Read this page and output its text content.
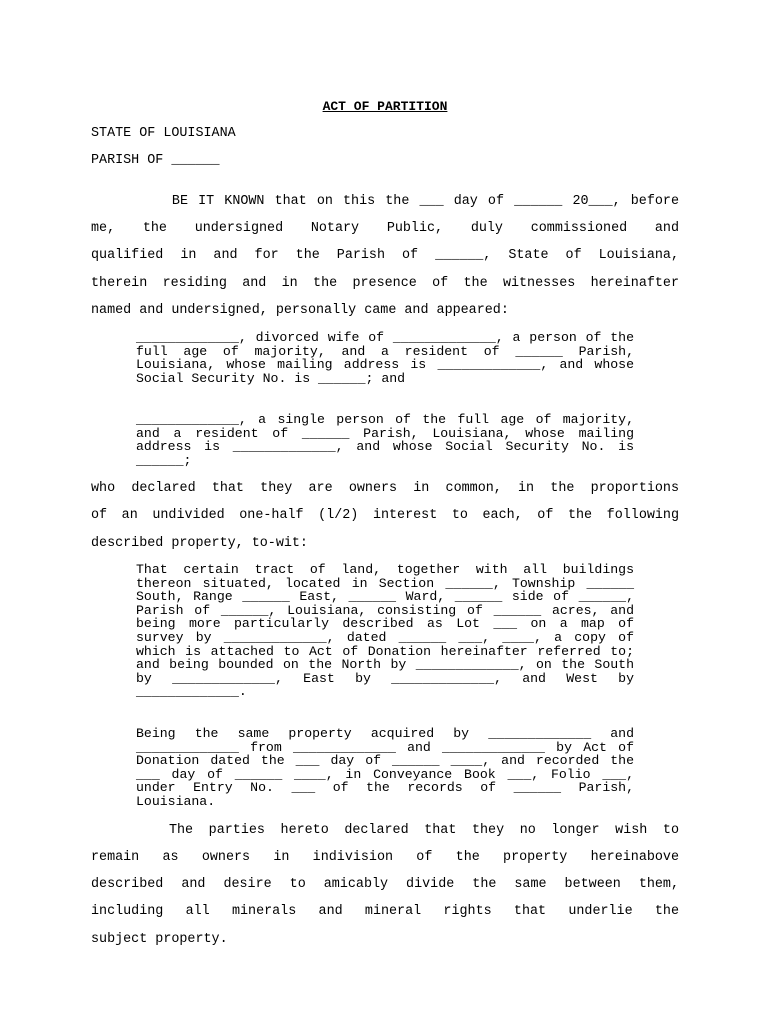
ACT OF PARTITION
STATE OF LOUISIANA
PARISH OF ______
BE IT KNOWN that on this the ___ day of ______ 20___, before
me, the undersigned Notary Public, duly commissioned and
qualified in and for the Parish of ______, State of Louisiana,
therein residing and in the presence of the witnesses hereinafter
named and undersigned, personally came and appeared:
_____________, divorced wife of _____________, a person of the full age of majority, and a resident of ______ Parish, Louisiana, whose mailing address is _____________, and whose Social Security No. is ______; and
_____________, a single person of the full age of majority, and a resident of ______ Parish, Louisiana, whose mailing address is _____________, and whose Social Security No. is ______;
who declared that they are owners in common, in the proportions
of an undivided one-half (l/2) interest to each, of the following
described property, to-wit:
That certain tract of land, together with all buildings thereon situated, located in Section ______, Township ______ South, Range ______ East, ______ Ward, ______ side of ______, Parish of ______, Louisiana, consisting of ______ acres, and being more particularly described as Lot ___ on a map of survey by _____________, dated ______ ___, ____, a copy of which is attached to Act of Donation hereinafter referred to; and being bounded on the North by _____________, on the South by _____________, East by _____________, and West by _____________.
Being the same property acquired by _____________ and _____________ from _____________ and _____________ by Act of Donation dated the ___ day of ______ ____, and recorded the ___ day of ______ ____, in Conveyance Book ___, Folio ___, under Entry No. ___ of the records of ______ Parish, Louisiana.
The parties hereto declared that they no longer wish to
remain as owners in indivision of the property hereinabove
described and desire to amicably divide the same between them,
including all minerals and mineral rights that underlie the
subject property.
